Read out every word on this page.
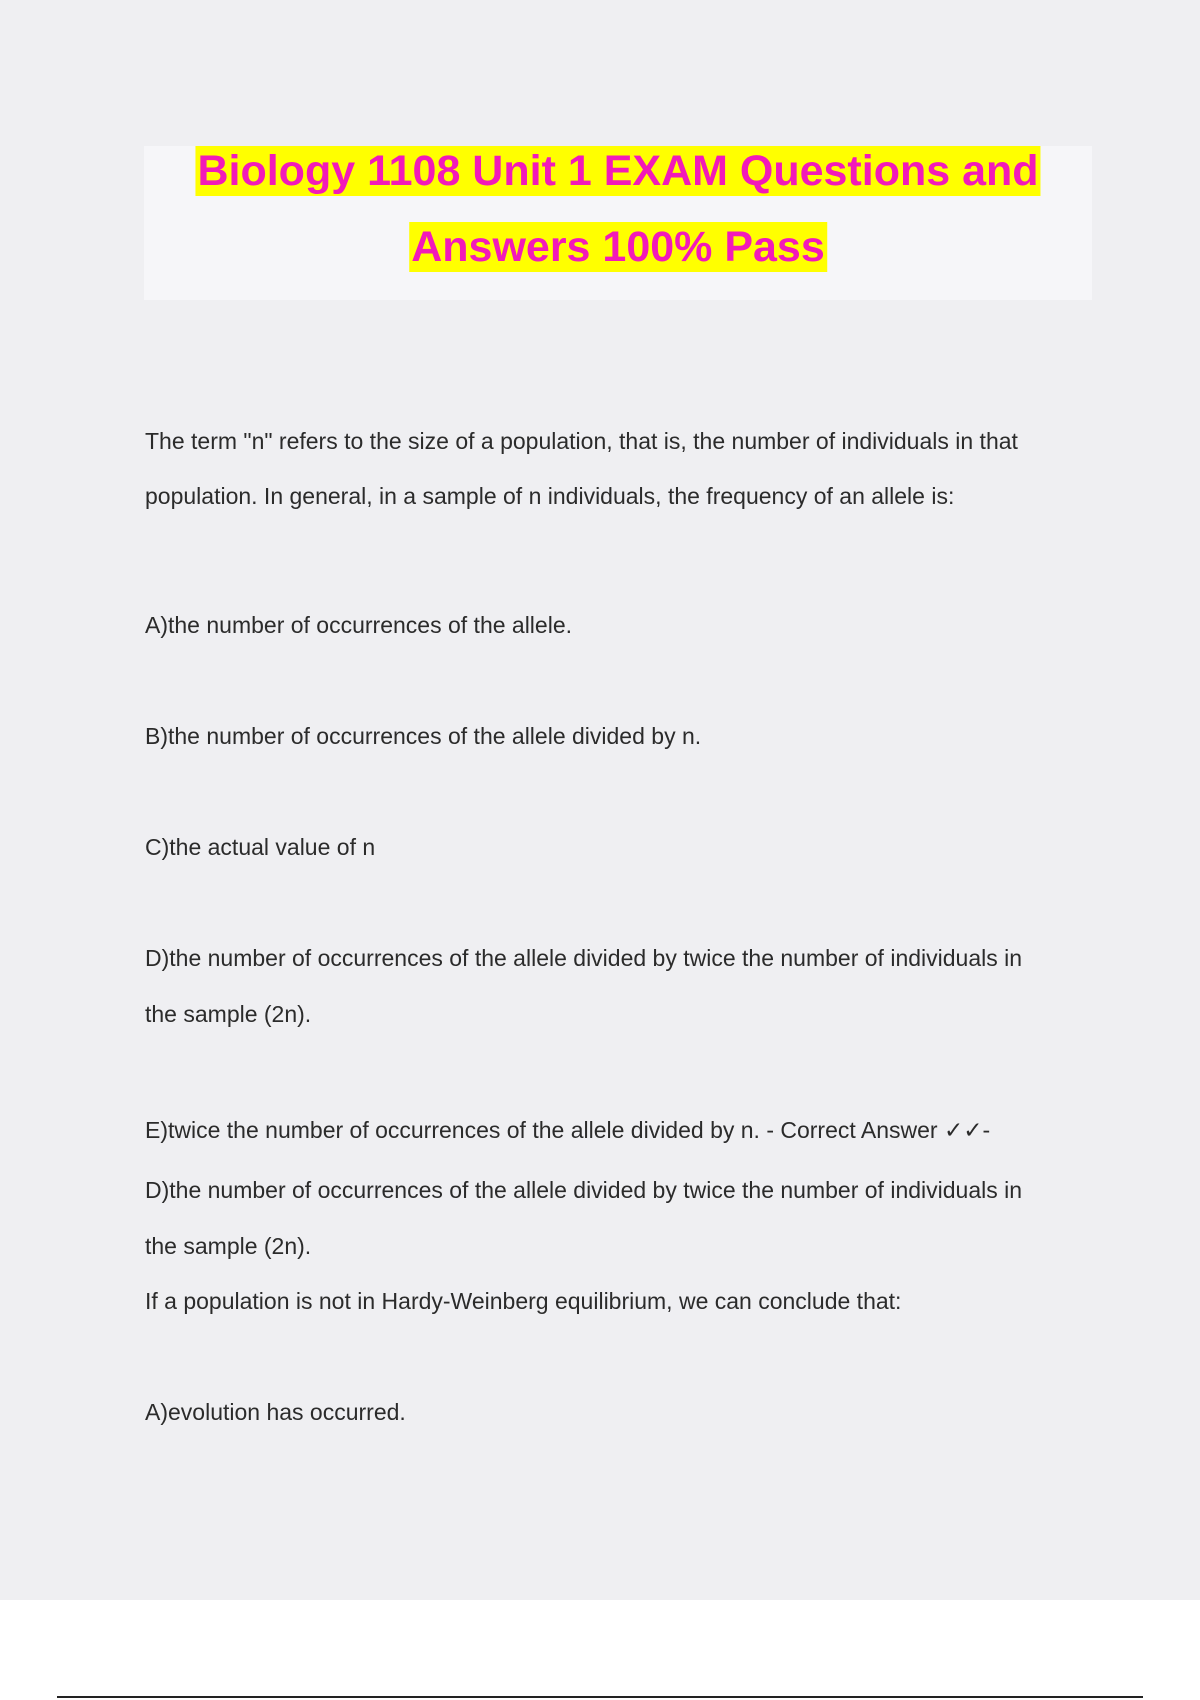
Biology 1108 Unit 1 EXAM Questions and
Answers 100% Pass
The term "n" refers to the size of a population, that is, the number of individuals in that
population. In general, in a sample of n individuals, the frequency of an allele is:
A)the number of occurrences of the allele.
B)the number of occurrences of the allele divided by n.
C)the actual value of n
D)the number of occurrences of the allele divided by twice the number of individuals in
the sample (2n).
E)twice the number of occurrences of the allele divided by n. - Correct Answer ✓✓-
D)the number of occurrences of the allele divided by twice the number of individuals in
the sample (2n).
If a population is not in Hardy-Weinberg equilibrium, we can conclude that:
A)evolution has occurred.
